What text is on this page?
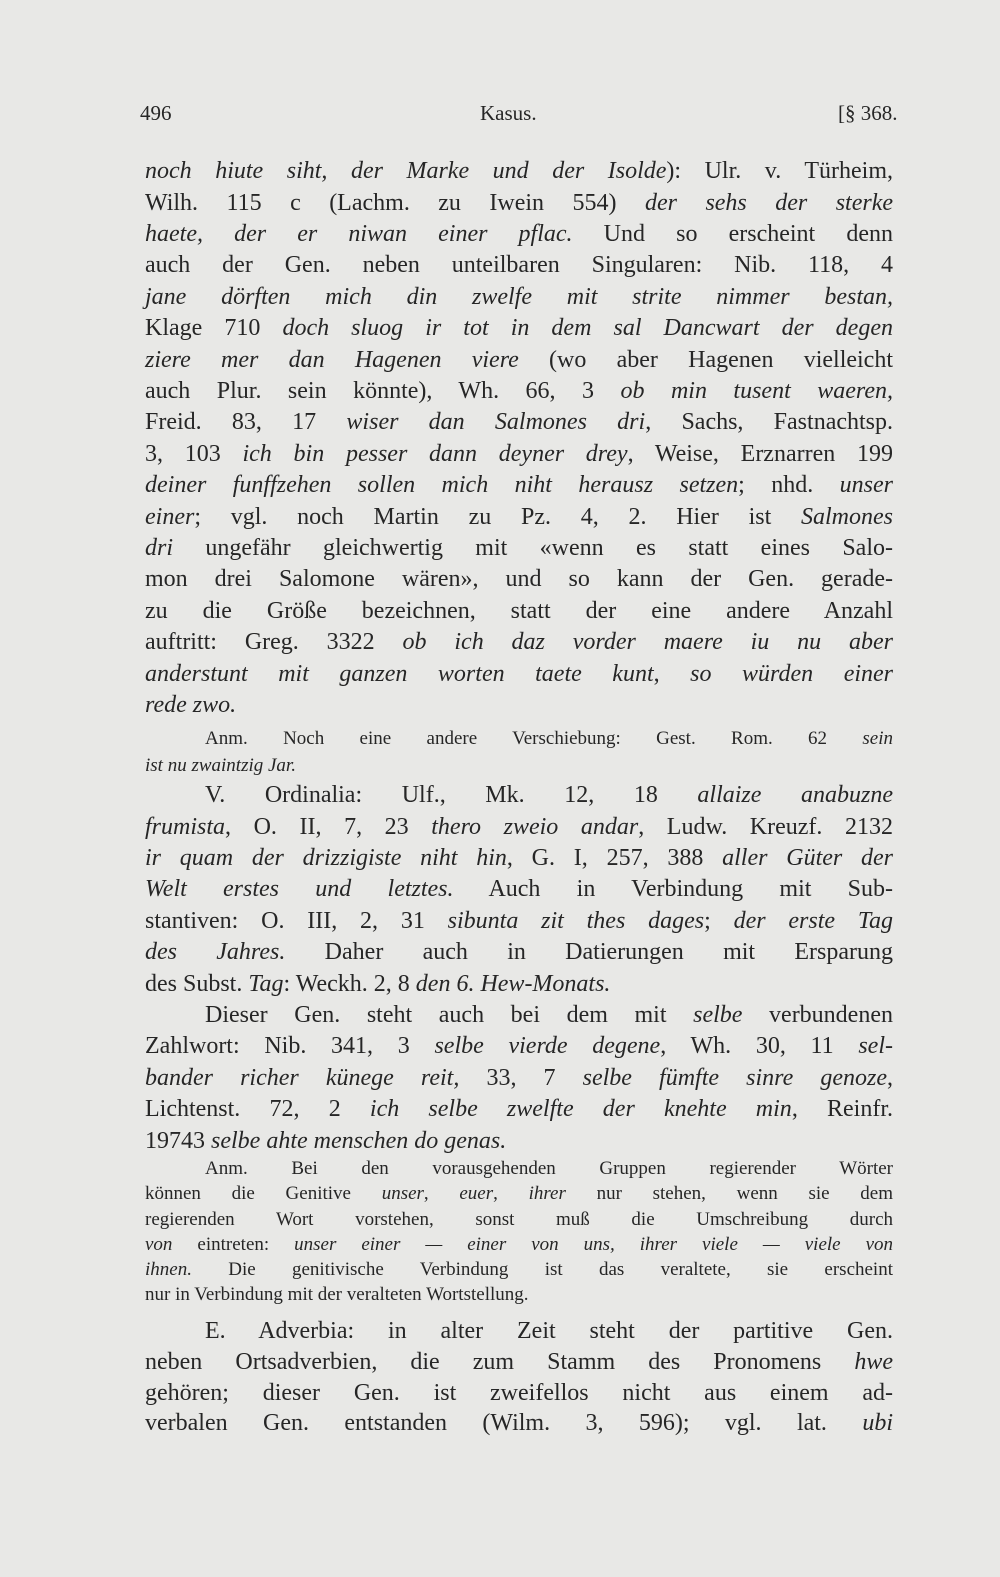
496	Kasus.	[§ 368.
noch hiute siht, der Marke und der Isolde): Ulr. v. Türheim,
Wilh. 115 c (Lachm. zu Iwein 554) der sehs der sterke
haete, der er niwan einer pflac. Und so erscheint denn
auch der Gen. neben unteilbaren Singularen: Nib. 118, 4
jane dörften mich din zwelfe mit strite nimmer bestan,
Klage 710 doch sluog ir tot in dem sal Dancwart der degen
ziere mer dan Hagenen viere (wo aber Hagenen vielleicht
auch Plur. sein könnte), Wh. 66, 3 ob min tusent waeren,
Freid. 83, 17 wiser dan Salmones dri, Sachs, Fastnachtsp.
3, 103 ich bin pesser dann deyner drey, Weise, Erznarren 199
deiner funffzehen sollen mich niht herausz setzen; nhd. unser
einer; vgl. noch Martin zu Pz. 4, 2. Hier ist Salmones
dri ungefähr gleichwertig mit «wenn es statt eines Salo-
mon drei Salomone wären», und so kann der Gen. gerade-
zu die Größe bezeichnen, statt der eine andere Anzahl
auftritt: Greg. 3322 ob ich daz vorder maere iu nu aber
anderstunt mit ganzen worten taete kunt, so würden einer
rede zwo.
Anm. Noch eine andere Verschiebung: Gest. Rom. 62 sein
ist nu zwaintzig Jar.
V. Ordinalia: Ulf., Mk. 12, 18 allaize anabuzne
frumista, O. II, 7, 23 thero zweio andar, Ludw. Kreuzf. 2132
ir quam der drizzigiste niht hin, G. I, 257, 388 aller Güter der
Welt erstes und letztes. Auch in Verbindung mit Sub-
stantiven: O. III, 2, 31 sibunta zit thes dages; der erste Tag
des Jahres. Daher auch in Datierungen mit Ersparung
des Subst. Tag: Weckh. 2, 8 den 6. Hew-Monats.
Dieser Gen. steht auch bei dem mit selbe verbundenen
Zahlwort: Nib. 341, 3 selbe vierde degene, Wh. 30, 11 sel-
bander richer künege reit, 33, 7 selbe fümfte sinre genoze,
Lichtenst. 72, 2 ich selbe zwelfte der knehte min, Reinfr.
19743 selbe ahte menschen do genas.
Anm. Bei den vorausgehenden Gruppen regierender Wörter
können die Genitive unser, euer, ihrer nur stehen, wenn sie dem
regierenden Wort vorstehen, sonst muß die Umschreibung durch
von eintreten: unser einer — einer von uns, ihrer viele — viele von
ihnen. Die genitivische Verbindung ist das veraltete, sie erscheint
nur in Verbindung mit der veralteten Wortstellung.
E. Adverbia: in alter Zeit steht der partitive Gen.
neben Ortsadverbien, die zum Stamm des Pronomens hwe
gehören; dieser Gen. ist zweifellos nicht aus einem ad-
verbalen Gen. entstanden (Wilm. 3, 596); vgl. lat. ubi
